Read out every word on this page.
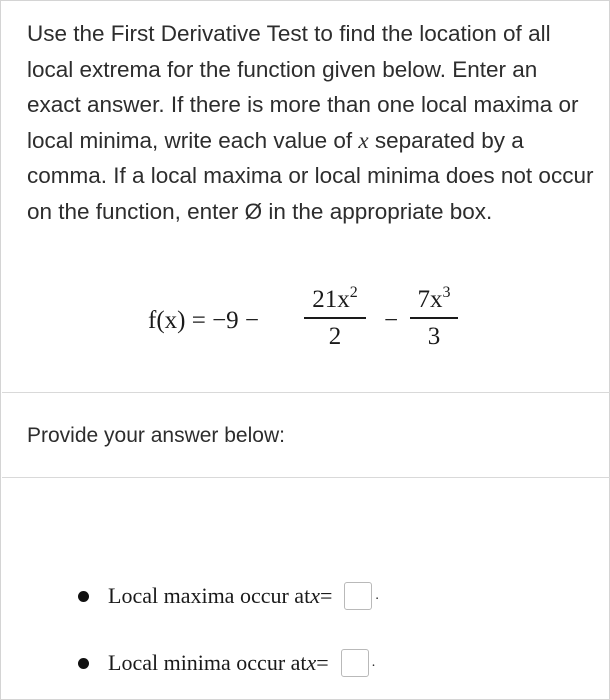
Use the First Derivative Test to find the location of all local extrema for the function given below. Enter an exact answer. If there is more than one local maxima or local minima, write each value of x separated by a comma. If a local maxima or local minima does not occur on the function, enter Ø in the appropriate box.

f(x) = −9 −
$21x^2$
2
−
$7x^3$
3
Provide your answer below:
Local maxima occur at x =	.
Local minima occur at x =	.
